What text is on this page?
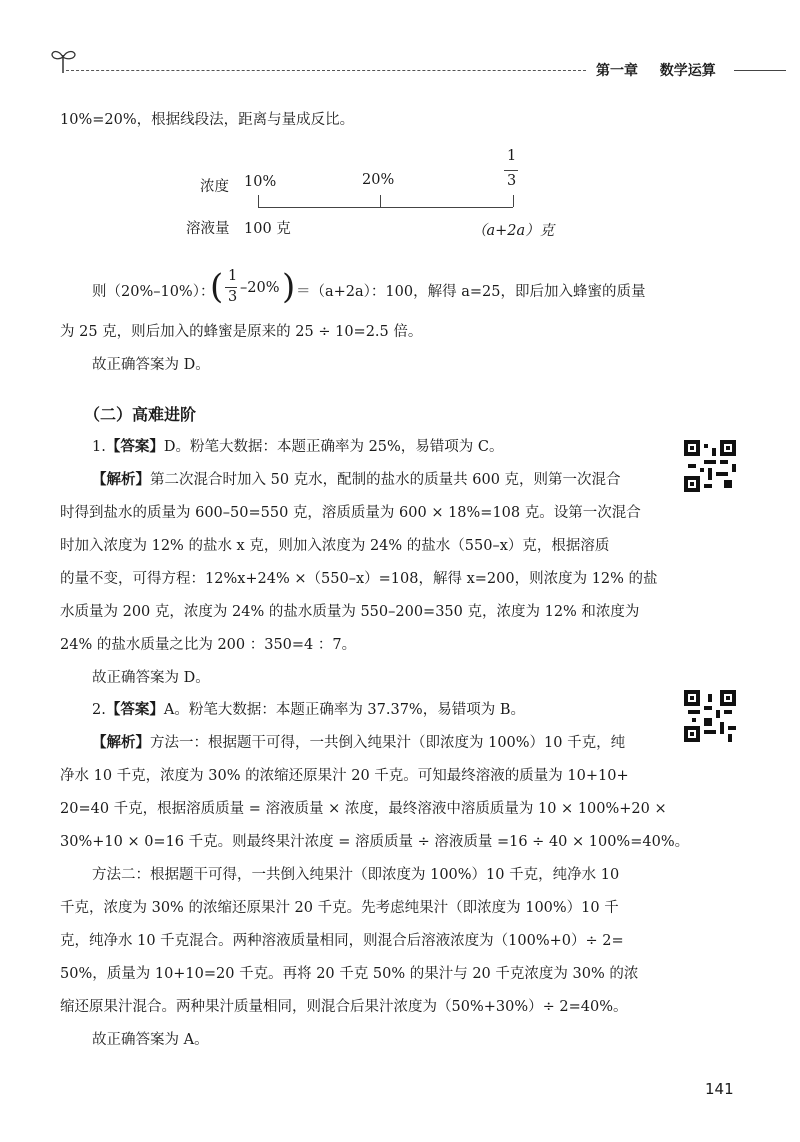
第一章 数学运算
10%=20%，根据线段法，距离与量成反比。
浓度 10%	20%
1
3
溶液量 100 克	（a+2a）克
则（20%–10%）：
( 1
3
–20% ) ＝（a+2a）：100，解得 a=25，即后加入蜂蜜的质量
为 25 克，则后加入的蜂蜜是原来的 25 ÷ 10=2.5 倍。
故正确答案为 D。
（二）高难进阶
1.【答案】D。粉笔大数据：本题正确率为 25%，易错项为 C。
【解析】第二次混合时加入 50 克水，配制的盐水的质量共 600 克，则第一次混合
时得到盐水的质量为 600–50=550 克，溶质质量为 600 × 18%=108 克。设第一次混合
时加入浓度为 12% 的盐水 x 克，则加入浓度为 24% 的盐水（550–x）克，根据溶质
的量不变，可得方程：12%x+24% ×（550–x）=108，解得 x=200，则浓度为 12% 的盐
水质量为 200 克，浓度为 24% 的盐水质量为 550–200=350 克，浓度为 12% 和浓度为
24% 的盐水质量之比为 200 ：350=4 ：7。
故正确答案为 D。
2.【答案】A。粉笔大数据：本题正确率为 37.37%，易错项为 B。
【解析】方法一：根据题干可得，一共倒入纯果汁（即浓度为 100%）10 千克，纯
净水 10 千克，浓度为 30% 的浓缩还原果汁 20 千克。可知最终溶液的质量为 10+10+
20=40 千克，根据溶质质量 = 溶液质量 × 浓度，最终溶液中溶质质量为 10 × 100%+20 ×
30%+10 × 0=16 千克。则最终果汁浓度 = 溶质质量 ÷ 溶液质量 =16 ÷ 40 × 100%=40%。
方法二：根据题干可得，一共倒入纯果汁（即浓度为 100%）10 千克，纯净水 10
千克，浓度为 30% 的浓缩还原果汁 20 千克。先考虑纯果汁（即浓度为 100%）10 千
克，纯净水 10 千克混合。两种溶液质量相同，则混合后溶液浓度为（100%+0）÷ 2=
50%，质量为 10+10=20 千克。再将 20 千克 50% 的果汁与 20 千克浓度为 30% 的浓
缩还原果汁混合。两种果汁质量相同，则混合后果汁浓度为（50%+30%）÷ 2=40%。
故正确答案为 A。
141
